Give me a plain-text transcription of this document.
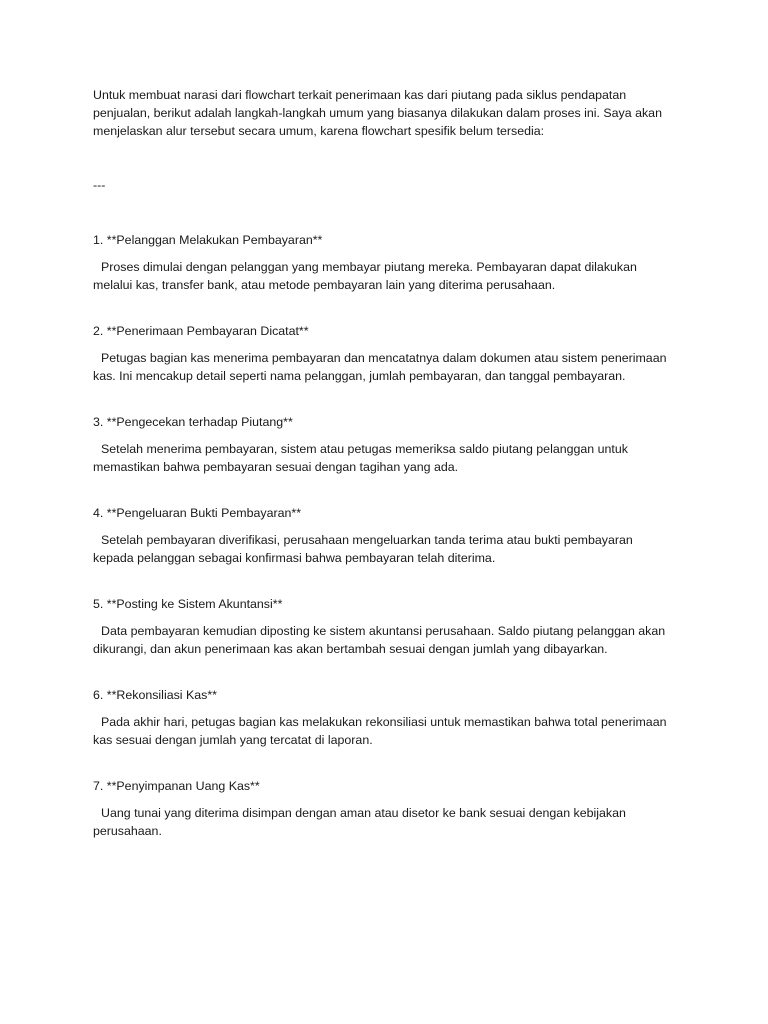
Untuk membuat narasi dari flowchart terkait penerimaan kas dari piutang pada siklus pendapatan penjualan, berikut adalah langkah-langkah umum yang biasanya dilakukan dalam proses ini. Saya akan menjelaskan alur tersebut secara umum, karena flowchart spesifik belum tersedia:

---

1. **Pelanggan Melakukan Pembayaran**

Proses dimulai dengan pelanggan yang membayar piutang mereka. Pembayaran dapat dilakukan melalui kas, transfer bank, atau metode pembayaran lain yang diterima perusahaan.

2. **Penerimaan Pembayaran Dicatat**

Petugas bagian kas menerima pembayaran dan mencatatnya dalam dokumen atau sistem penerimaan kas. Ini mencakup detail seperti nama pelanggan, jumlah pembayaran, dan tanggal pembayaran.

3. **Pengecekan terhadap Piutang**

Setelah menerima pembayaran, sistem atau petugas memeriksa saldo piutang pelanggan untuk memastikan bahwa pembayaran sesuai dengan tagihan yang ada.

4. **Pengeluaran Bukti Pembayaran**

Setelah pembayaran diverifikasi, perusahaan mengeluarkan tanda terima atau bukti pembayaran kepada pelanggan sebagai konfirmasi bahwa pembayaran telah diterima.

5. **Posting ke Sistem Akuntansi**

Data pembayaran kemudian diposting ke sistem akuntansi perusahaan. Saldo piutang pelanggan akan dikurangi, dan akun penerimaan kas akan bertambah sesuai dengan jumlah yang dibayarkan.

6. **Rekonsiliasi Kas**

Pada akhir hari, petugas bagian kas melakukan rekonsiliasi untuk memastikan bahwa total penerimaan kas sesuai dengan jumlah yang tercatat di laporan.

7. **Penyimpanan Uang Kas**

Uang tunai yang diterima disimpan dengan aman atau disetor ke bank sesuai dengan kebijakan perusahaan.
